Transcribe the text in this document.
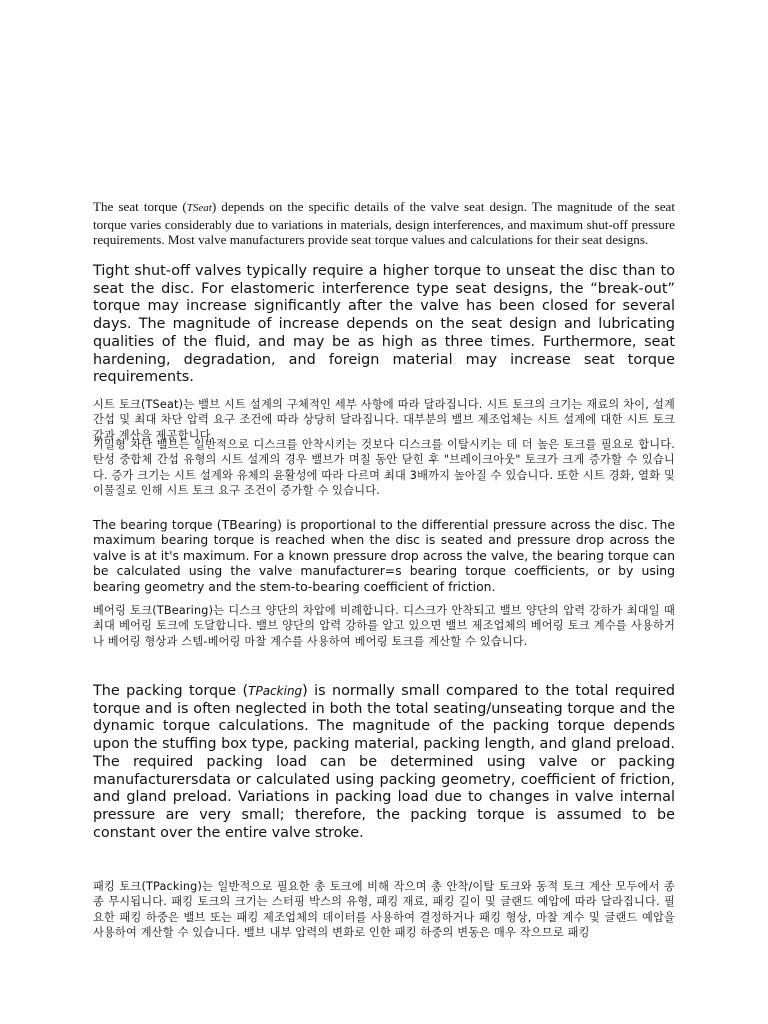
The seat torque (TSeat) depends on the specific details of the valve seat design. The magnitude of the seat torque varies considerably due to variations in materials, design interferences, and maximum shut-off pressure requirements. Most valve manufacturers provide seat torque values and calculations for their seat designs.

Tight shut-off valves typically require a higher torque to unseat the disc than to seat the disc. For elastomeric interference type seat designs, the “break-out” torque may increase significantly after the valve has been closed for several days. The magnitude of increase depends on the seat design and lubricating qualities of the fluid, and may be as high as three times. Furthermore, seat hardening, degradation, and foreign material may increase seat torque requirements.

시트 토크(TSeat)는 밸브 시트 설계의 구체적인 세부 사항에 따라 달라집니다. 시트 토크의 크기는 재료의 차이, 설계 간섭 및 최대 차단 압력 요구 조건에 따라 상당히 달라집니다. 대부분의 밸브 제조업체는 시트 설계에 대한 시트 토크 값과 계산을 제공합니다.

기밀형 차단 밸브는 일반적으로 디스크를 안착시키는 것보다 디스크를 이탈시키는 데 더 높은 토크를 필요로 합니다. 탄성 중합체 간섭 유형의 시트 설계의 경우 밸브가 며칠 동안 닫힌 후 "브레이크아웃" 토크가 크게 증가할 수 있습니다. 증가 크기는 시트 설계와 유체의 윤활성에 따라 다르며 최대 3배까지 높아질 수 있습니다. 또한 시트 경화, 열화 및 이물질로 인해 시트 토크 요구 조건이 증가할 수 있습니다.

The bearing torque (TBearing) is proportional to the differential pressure across the disc. The maximum bearing torque is reached when the disc is seated and pressure drop across the valve is at it's maximum. For a known pressure drop across the valve, the bearing torque can be calculated using the valve manufacturer=s bearing torque coefficients, or by using bearing geometry and the stem-to-bearing coefficient of friction.

베어링 토크(TBearing)는 디스크 양단의 차압에 비례합니다. 디스크가 안착되고 밸브 양단의 압력 강하가 최대일 때 최대 베어링 토크에 도달합니다. 밸브 양단의 압력 강하를 알고 있으면 밸브 제조업체의 베어링 토크 계수를 사용하거나 베어링 형상과 스템-베어링 마찰 계수를 사용하여 베어링 토크를 계산할 수 있습니다.

The packing torque (TPacking) is normally small compared to the total required torque and is often neglected in both the total seating/unseating torque and the dynamic torque calculations. The magnitude of the packing torque depends upon the stuffing box type, packing material, packing length, and gland preload. The required packing load can be determined using valve or packing manufacturersdata or calculated using packing geometry, coefficient of friction, and gland preload. Variations in packing load due to changes in valve internal pressure are very small; therefore, the packing torque is assumed to be constant over the entire valve stroke.

패킹 토크(TPacking)는 일반적으로 필요한 총 토크에 비해 작으며 총 안착/이탈 토크와 동적 토크 계산 모두에서 종종 무시됩니다. 패킹 토크의 크기는 스터핑 박스의 유형, 패킹 재료, 패킹 길이 및 글랜드 예압에 따라 달라집니다. 필요한 패킹 하중은 밸브 또는 패킹 제조업체의 데이터를 사용하여 결정하거나 패킹 형상, 마찰 계수 및 글랜드 예압을 사용하여 계산할 수 있습니다. 밸브 내부 압력의 변화로 인한 패킹 하중의 변동은 매우 작으므로 패킹
